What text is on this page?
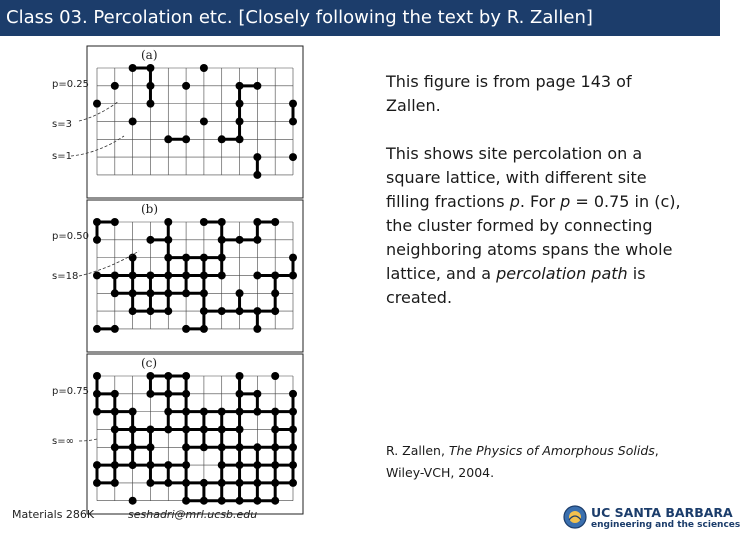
Class 03. Percolation etc. [Closely following the text by R. Zallen]
(a)
p=0.25
s=3
s=1
(b)
p=0.50
s=18
(c)
p=0.75
s=∞

This figure is from page 143 of Zallen.

This shows site percolation on a square lattice, with different site filling fractions p. For p = 0.75 in (c), the cluster formed by connecting neighboring atoms spans the whole lattice, and a percolation path is created.

R. Zallen, The Physics of Amorphous Solids, Wiley-VCH, 2004.
Materials 286K	seshadri@mrl.ucsb.edu	UC SANTA BARBARA
engineering and the sciences
